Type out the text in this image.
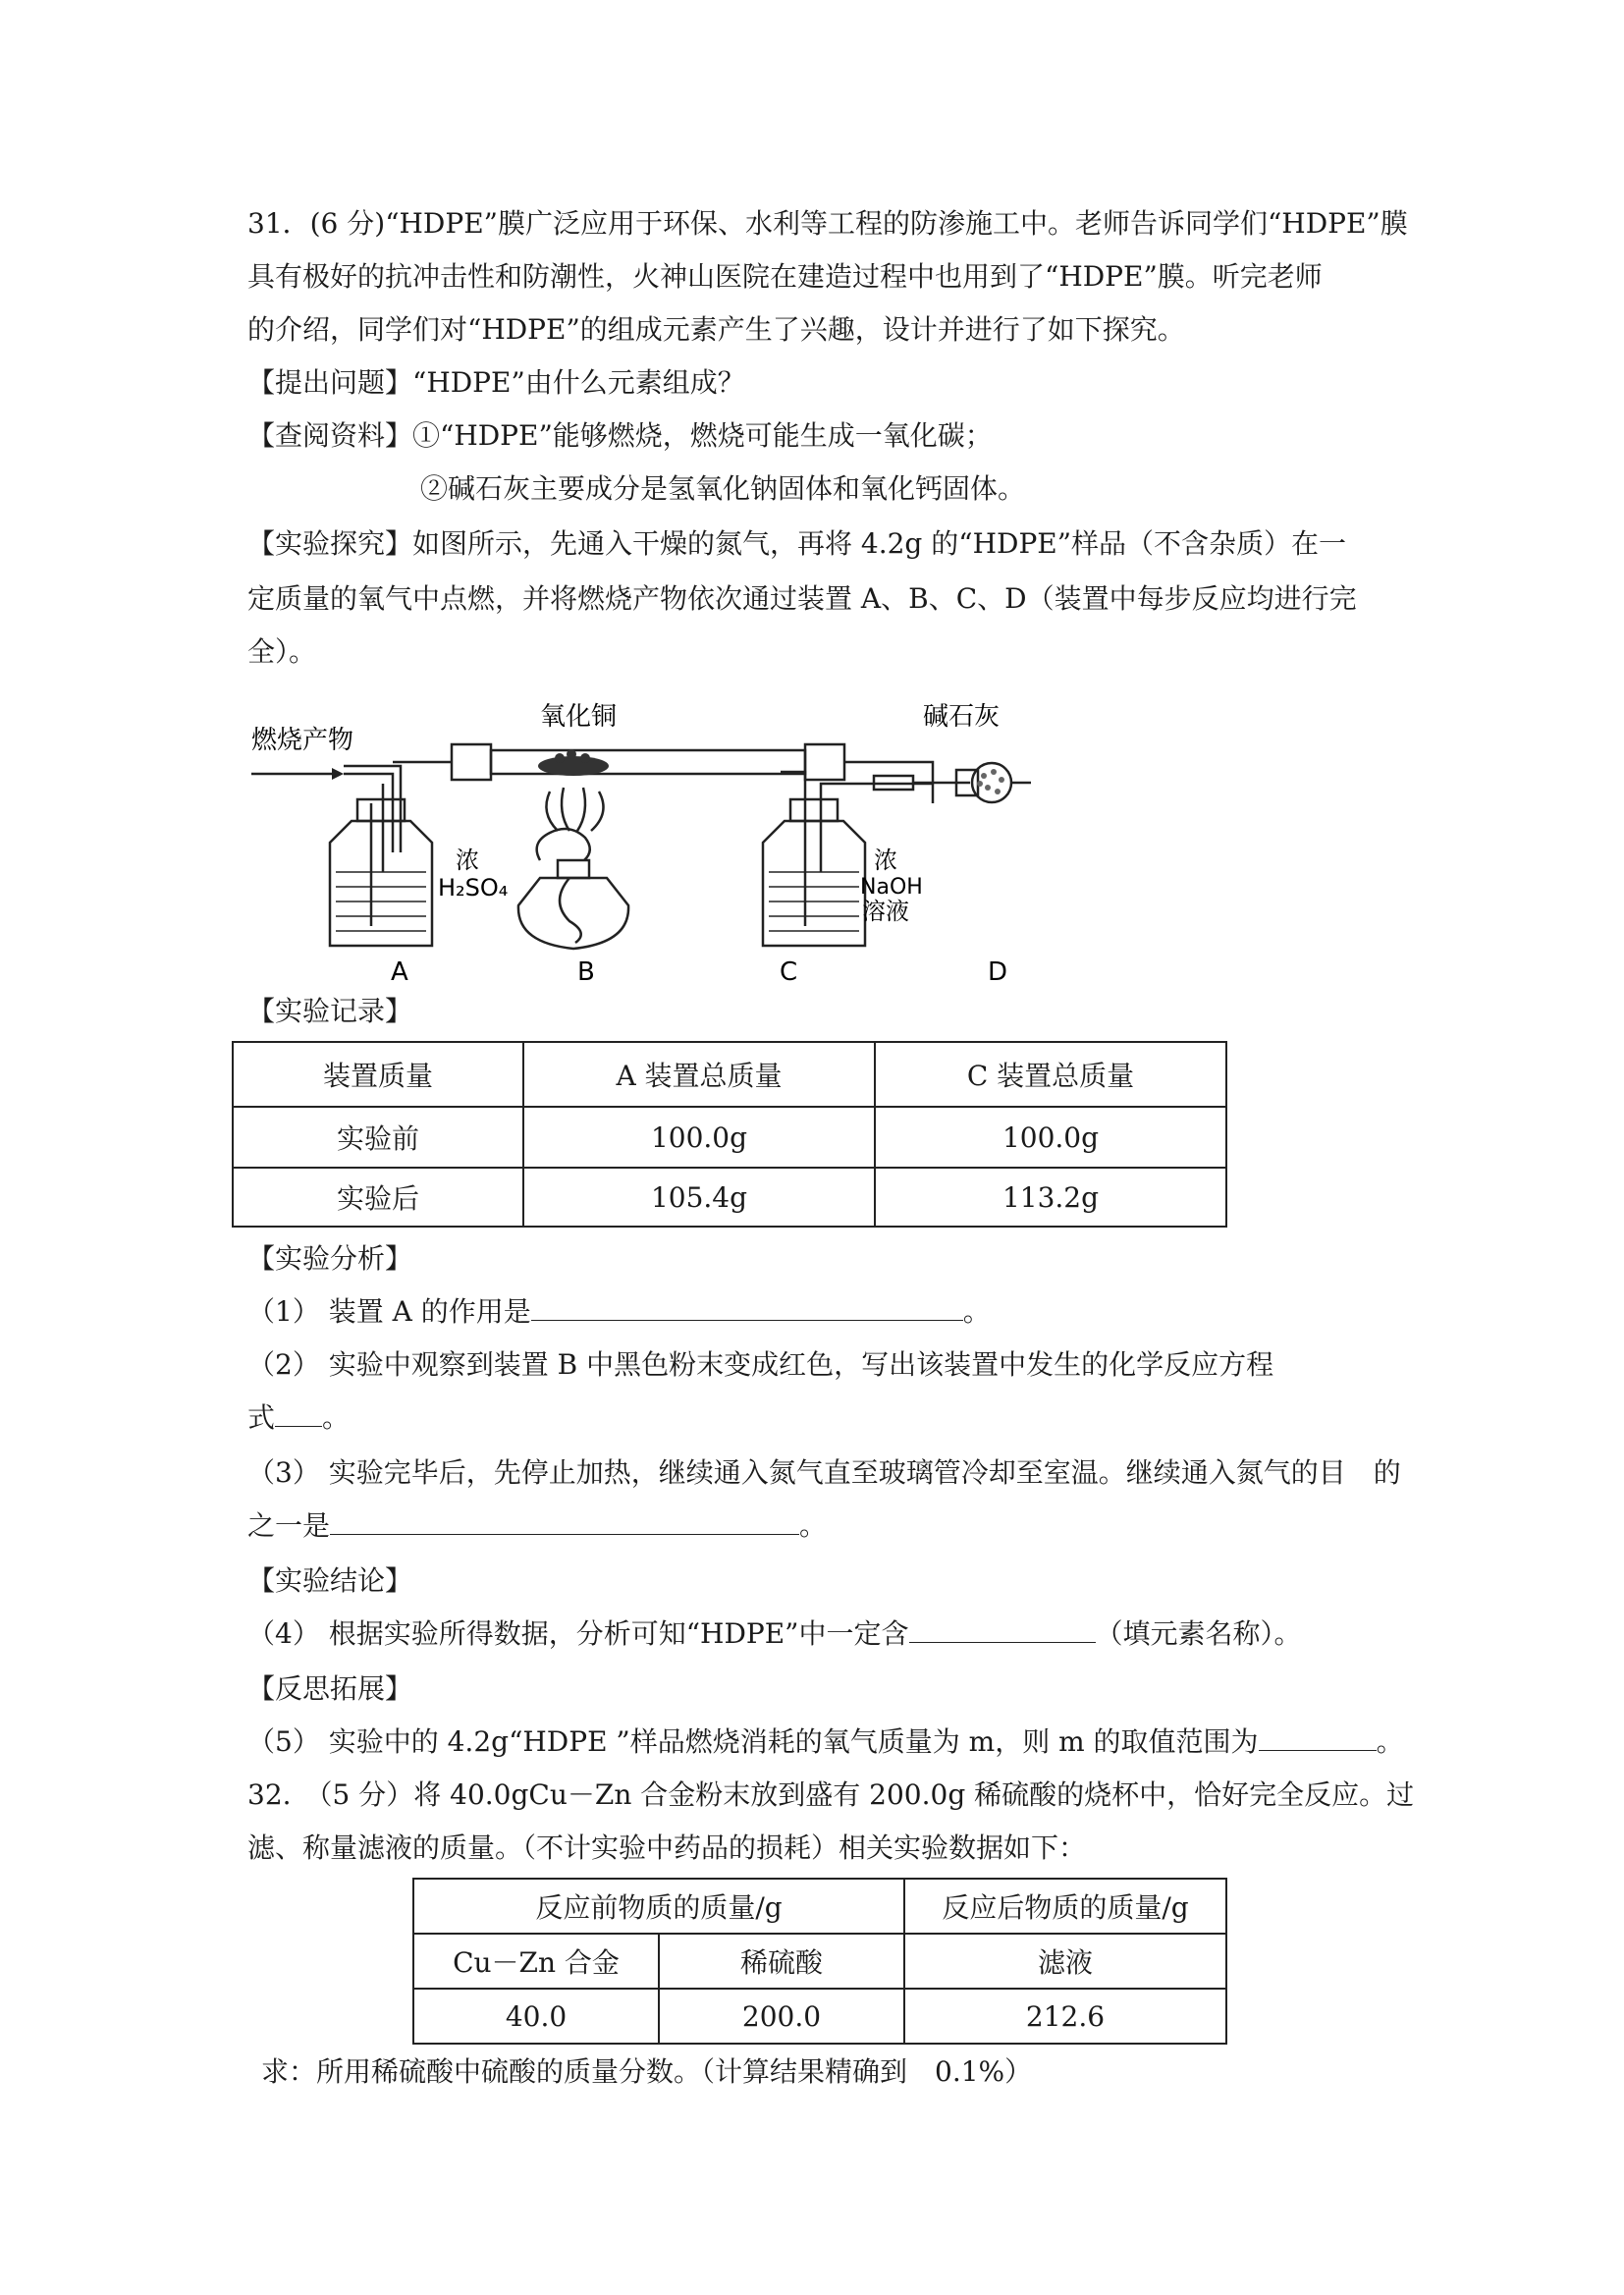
31．(6 分)“HDPE”膜广泛应用于环保、水利等工程的防渗施工中。老师告诉同学们“HDPE”膜
具有极好的抗冲击性和防潮性，火神山医院在建造过程中也用到了“HDPE”膜。听完老师
的介绍，同学们对“HDPE”的组成元素产生了兴趣，设计并进行了如下探究。
【提出问题】“HDPE”由什么元素组成？
【查阅资料】①“HDPE”能够燃烧，燃烧可能生成一氧化碳；
②碱石灰主要成分是氢氧化钠固体和氧化钙固体。
【实验探究】如图所示，先通入干燥的氮气，再将 4.2g 的“HDPE”样品（不含杂质）在一
定质量的氧气中点燃，并将燃烧产物依次通过装置 A、B、C、D（装置中每步反应均进行完
全）。
燃烧产物
氧化铜	碱石灰
浓
H₂SO₄
浓
NaOH
溶液
A	B	C	D
【实验记录】
装置质量	A 装置总质量	C 装置总质量
实验前	100.0g	100.0g
实验后	105.4g	113.2g
【实验分析】
（1） 装置 A 的作用是	。
（2） 实验中观察到装置 B 中黑色粉末变成红色，写出该装置中发生的化学反应方程
式 。
（3） 实验完毕后，先停止加热，继续通入氮气直至玻璃管冷却至室温。继续通入氮气的目　的
之一是	。
【实验结论】
（4） 根据实验所得数据，分析可知“HDPE”中一定含	（填元素名称）。
【反思拓展】
（5） 实验中的 4.2g“HDPE ”样品燃烧消耗的氧气质量为 m，则 m 的取值范围为	。
32.　（5 分）将 40.0gCu－Zn 合金粉末放到盛有 200.0g 稀硫酸的烧杯中，恰好完全反应。过
滤、称量滤液的质量。（不计实验中药品的损耗）相关实验数据如下：
反应前物质的质量/g		反应后物质的质量/g
Cu－Zn 合金	稀硫酸	滤液
40.0	200.0	212.6
求：所用稀硫酸中硫酸的质量分数。（计算结果精确到　0.1%）
